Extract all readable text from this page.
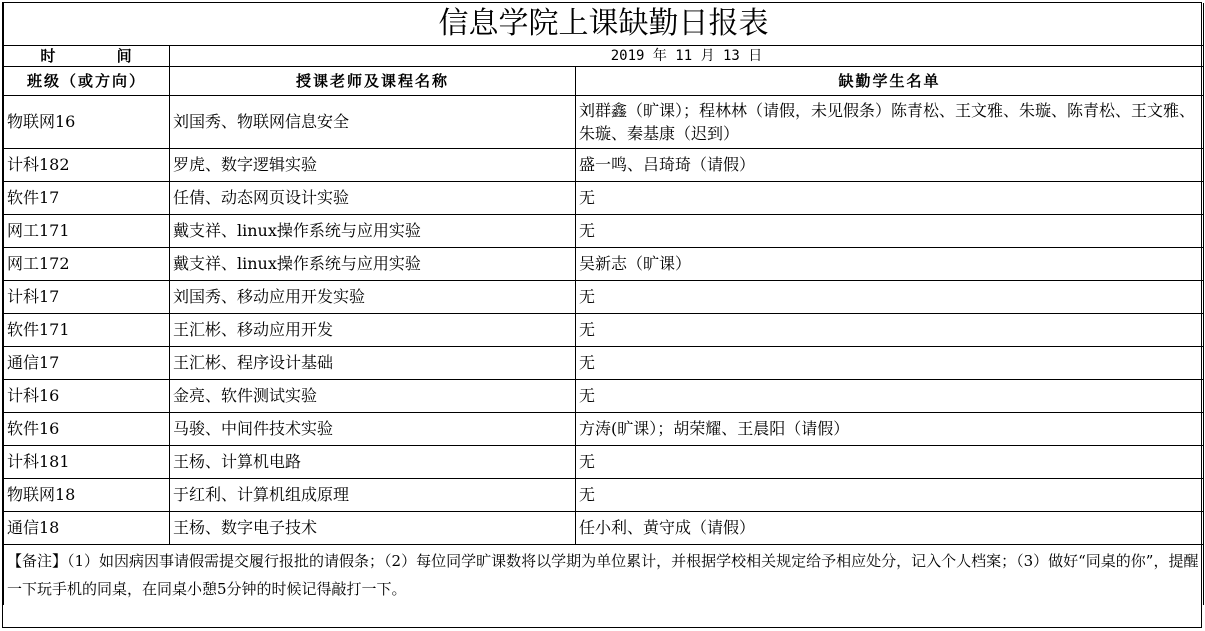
信息学院上课缺勤日报表		
时 间	2019 年 11 月 13 日	
班级（或方向）	授课老师及课程名称	缺勤学生名单
物联网16	刘国秀、物联网信息安全	刘群鑫（旷课）；程林林（请假，未见假条）陈青松、王文雅、朱璇、陈青松、王文雅、朱璇、秦基康（迟到）
计科182	罗虎、数字逻辑实验	盛一鸣、吕琦琦（请假）
软件17	任倩、动态网页设计实验	无
网工171	戴支祥、linux操作系统与应用实验	无
网工172	戴支祥、linux操作系统与应用实验	吴新志（旷课）
计科17	刘国秀、移动应用开发实验	无
软件171	王汇彬、移动应用开发	无
通信17	王汇彬、程序设计基础	无
计科16	金亮、软件测试实验	无
软件16	马骏、中间件技术实验	方涛(旷课）；胡荣耀、王晨阳（请假）
计科181	王杨、计算机电路	无
物联网18	于红利、计算机组成原理	无
通信18	王杨、数字电子技术	任小利、黄守成（请假）
【备注】（1）如因病因事请假需提交履行报批的请假条；（2）每位同学旷课数将以学期为单位累计，并根据学校相关规定给予相应处分，记入个人档案；（3）做好“同桌的你”，提醒一下玩手机的同桌，在同桌小憩5分钟的时候记得敲打一下。		
